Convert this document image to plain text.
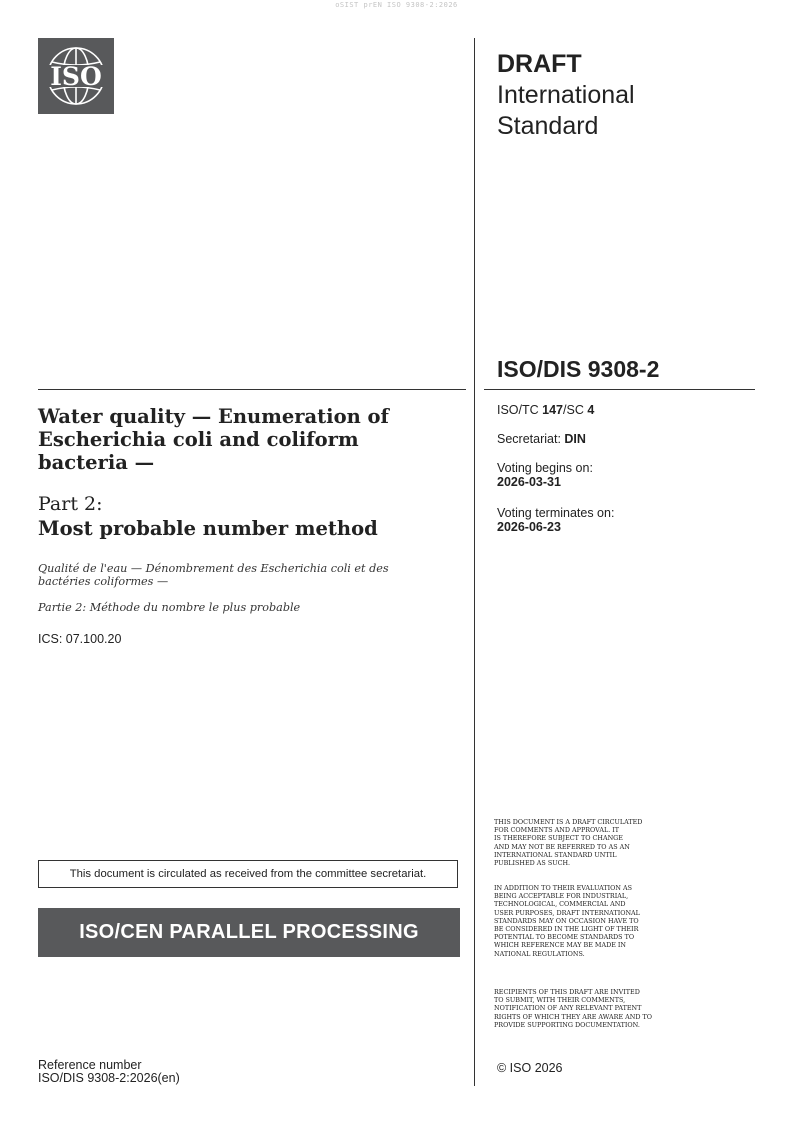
oSIST prEN ISO 9308-2:2026
ISO	DRAFT
International
Standard
ISO/DIS 9308-2
Water quality — Enumeration of Escherichia coli and coliform bacteria —
Part 2:
Most probable number method
Qualité de l'eau — Dénombrement des Escherichia coli et des bactéries coliformes —
Partie 2: Méthode du nombre le plus probable
ICS: 07.100.20
ISO/TC 147/SC 4
Secretariat: DIN
Voting begins on:
2026-03-31
Voting terminates on:
2026-06-23
This document is circulated as received from the committee secretariat.
ISO/CEN PARALLEL PROCESSING
Reference number
ISO/DIS 9308-2:2026(en)
THIS DOCUMENT IS A DRAFT CIRCULATED
FOR COMMENTS AND APPROVAL. IT
IS THEREFORE SUBJECT TO CHANGE
AND MAY NOT BE REFERRED TO AS AN
INTERNATIONAL STANDARD UNTIL
PUBLISHED AS SUCH.
IN ADDITION TO THEIR EVALUATION AS
BEING ACCEPTABLE FOR INDUSTRIAL,
TECHNOLOGICAL, COMMERCIAL AND
USER PURPOSES, DRAFT INTERNATIONAL
STANDARDS MAY ON OCCASION HAVE TO
BE CONSIDERED IN THE LIGHT OF THEIR
POTENTIAL TO BECOME STANDARDS TO
WHICH REFERENCE MAY BE MADE IN
NATIONAL REGULATIONS.
RECIPIENTS OF THIS DRAFT ARE INVITED
TO SUBMIT, WITH THEIR COMMENTS,
NOTIFICATION OF ANY RELEVANT PATENT
RIGHTS OF WHICH THEY ARE AWARE AND TO
PROVIDE SUPPORTING DOCUMENTATION.
© ISO 2026
